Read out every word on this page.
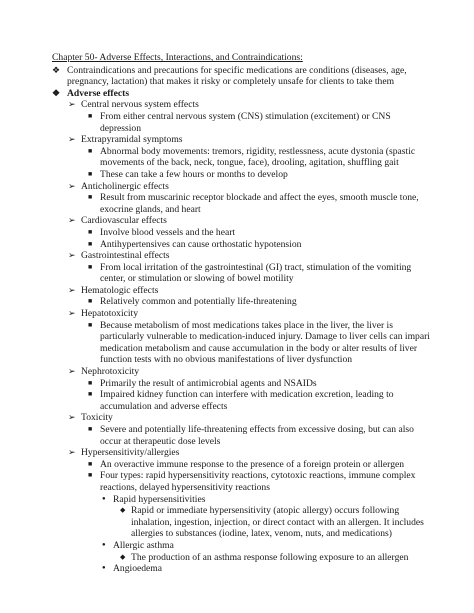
Chapter 50- Adverse Effects, Interactions, and Contraindications:
❖ Contraindications and precautions for specific medications are conditions (diseases, age, pregnancy, lactation) that makes it risky or completely unsafe for clients to take them
❖ Adverse effects
➢ Central nervous system effects
■ From either central nervous system (CNS) stimulation (excitement) or CNS depression
➢ Extrapyramidal symptoms
■ Abnormal body movements: tremors, rigidity, restlessness, acute dystonia (spastic movements of the back, neck, tongue, face), drooling, agitation, shuffling gait
■ These can take a few hours or months to develop
➢ Anticholinergic effects
■ Result from muscarinic receptor blockade and affect the eyes, smooth muscle tone, exocrine glands, and heart
➢ Cardiovascular effects
■ Involve blood vessels and the heart
■ Antihypertensives can cause orthostatic hypotension
➢ Gastrointestinal effects
■ From local irritation of the gastrointestinal (GI) tract, stimulation of the vomiting center, or stimulation or slowing of bowel motility
➢ Hematologic effects
■ Relatively common and potentially life-threatening
➢ Hepatotoxicity
■ Because metabolism of most medications takes place in the liver, the liver is particularly vulnerable to medication-induced injury. Damage to liver cells can impari medication metabolism and cause accumulation in the body or alter results of liver function tests with no obvious manifestations of liver dysfunction
➢ Nephrotoxicity
■ Primarily the result of antimicrobial agents and NSAIDs
■ Impaired kidney function can interfere with medication excretion, leading to accumulation and adverse effects
➢ Toxicity
■ Severe and potentially life-threatening effects from excessive dosing, but can also occur at therapeutic dose levels
➢ Hypersensitivity/allergies
■ An overactive immune response to the presence of a foreign protein or allergen
■ Four types: rapid hypersensitivity reactions, cytotoxic reactions, immune complex reactions, delayed hypersensitivity reactions
● Rapid hypersensitivities
◆ Rapid or immediate hypersensitivity (atopic allergy) occurs following inhalation, ingestion, injection, or direct contact with an allergen. It includes allergies to substances (iodine, latex, venom, nuts, and medications)
● Allergic asthma
◆ The production of an asthma response following exposure to an allergen
● Angioedema
